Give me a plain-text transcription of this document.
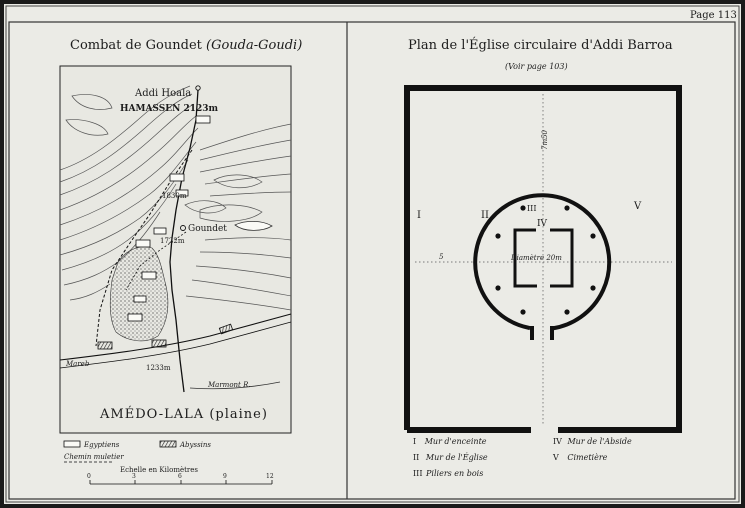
Page 113
Combat de Goundet (Gouda-Goudi)
Addi Hoala
HAMASSEN 2123m
1830m
Goundet
1722m
Mareb	1233m
Marmont R.
AMÉDO-LALA (plaine)
Egyptiens	Abyssins
Chemin muletier
Echelle en Kilomètres
0	3	6	9	12
Plan de l'Église circulaire d'Addi Barroa
(Voir page 103)
I	II
III
IV
V
Diamètre 20m
5
7m50
I Mur d'enceinte
II Mur de l'Église
III Piliers en bois
IV Mur de l'Abside
V Cimetière
